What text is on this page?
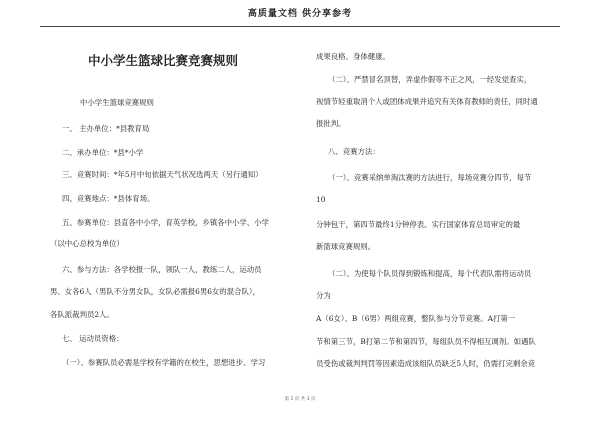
高质量文档 供分享参考
中小学生篮球比赛竞赛规则
中小学生篮球竞赛规则
一、 主办单位：*县教育局
二、承办单位：*县*小学
三、竞赛时间：*年5月中旬依据天气状况选两天（另行通知）
四、竞赛地点：*县体育场。
五、参赛单位：县直各中小学，育英学校，乡镇各中小学、小学
（以中心总校为单位）
六、参与方法：各学校报一队，领队一人，教练二人，运动员
男、女各6人（男队不分男女队，女队必需报6男6女的混合队），
各队派裁判员2人。
七、 运动员资格：
（一）、参赛队员必需是学校有学籍的在校生，思想进步、学习
成果良格、身体健康。
（二）、严禁冒名顶替，弄虚作假等不正之风，一经发觉查实，
视情节轻重取消个人或团体成果并追究有关体育教师的责任，同时通
报批判。
八、竞赛方法：
（一）、竞赛采纳单淘汰赛的方法进行，每场竞赛分四节，每节
10
分钟包干，第四节最终1分钟停表。实行国家体育总局审定的最
新篮球竞赛规则。
（二）、为使每个队员得到锻炼和提高，每个代表队需将运动员
分为
A（6女）、B（6男）两组竞赛，整队参与分节竞赛。A打第一
节和第三节，B打第二节和第四节，每组队员不得相互调剂。如遇队
员受伤或裁判判罚等因素造成该组队员缺乏5人时，仍需打完剩余竞
第 1 页 共 3 页
